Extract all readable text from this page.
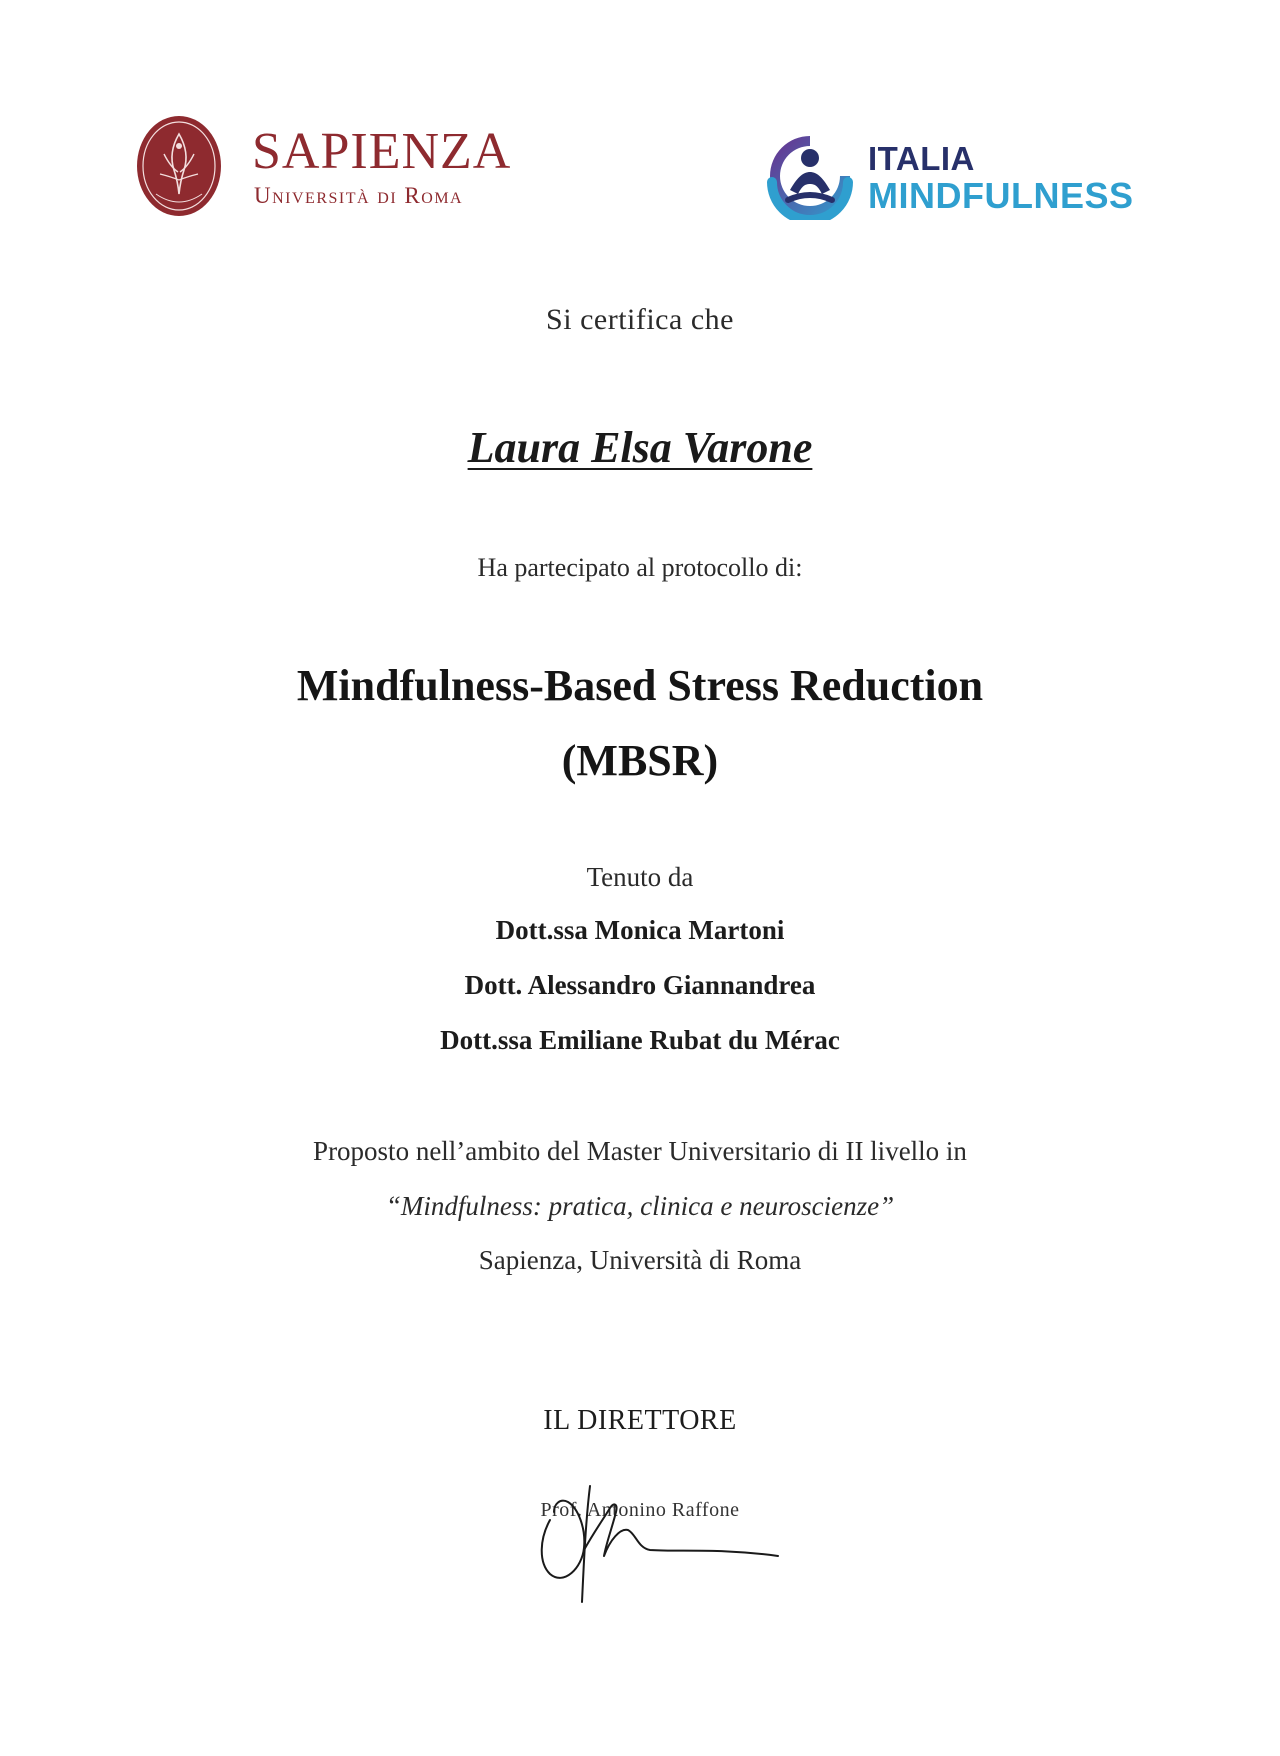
SAPIENZA
Università di Roma
ITALIA
MINDFULNESS
Si certifica che
Laura Elsa Varone
Ha partecipato al protocollo di:
Mindfulness-Based Stress Reduction
(MBSR)
Tenuto da
Dott.ssa Monica Martoni
Dott. Alessandro Giannandrea
Dott.ssa Emiliane Rubat du Mérac
Proposto nell’ambito del Master Universitario di II livello in
“Mindfulness: pratica, clinica e neuroscienze”
Sapienza, Università di Roma
IL DIRETTORE
Prof. Antonino Raffone
